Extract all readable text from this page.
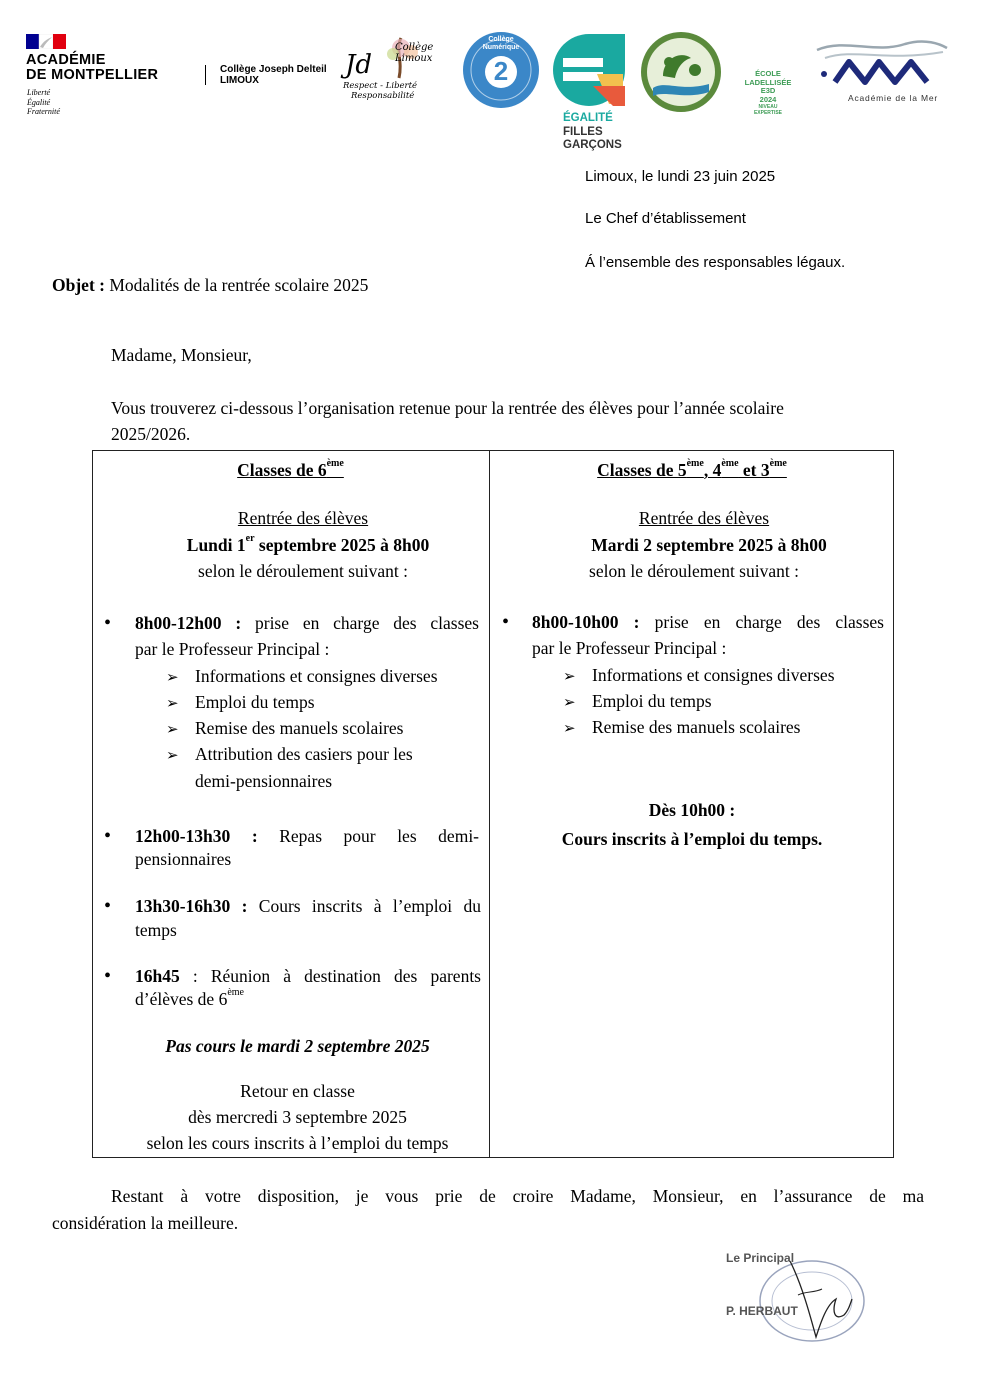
ACADÉMIE
DE MONTPELLIER
Liberté
Égalité
Fraternité
Collège Joseph Delteil
LIMOUX
Jd
Collège Limoux
Respect - Liberté
Responsabilité
2
Collège Numérique
ÉGALITÉ
FILLES
GARÇONS
ÉCOLE
LADELLISÉE
E3D
2024
NIVEAU
EXPERTISE
Académie de la Mer
Limoux, le lundi 23 juin 2025
Le Chef d’établissement
Á l’ensemble des responsables légaux.
Objet : Modalités de la rentrée scolaire 2025
Madame, Monsieur,
Vous trouverez ci-dessous l’organisation retenue pour la rentrée des élèves pour l’année scolaire
2025/2026.
Classes de 6ème
Rentrée des élèves
Lundi 1er septembre 2025 à 8h00
selon le déroulement suivant :
• 8h00-12h00 : prise en charge des classes
par le Professeur Principal :
➢ Informations et consignes diverses
➢ Emploi du temps
➢ Remise des manuels scolaires
➢ Attribution des casiers pour les
demi-pensionnaires
• 12h00-13h30 : Repas pour les demi-
pensionnaires
• 13h30-16h30 : Cours inscrits à l’emploi du
temps
• 16h45 : Réunion à destination des parents
d’élèves de 6ème
Pas cours le mardi 2 septembre 2025
Retour en classe
dès mercredi 3 septembre 2025
selon les cours inscrits à l’emploi du temps
Classes de 5ème, 4ème et 3ème
Rentrée des élèves
Mardi 2 septembre 2025 à 8h00
selon le déroulement suivant :
• 8h00-10h00 : prise en charge des classes
par le Professeur Principal :
➢ Informations et consignes diverses
➢ Emploi du temps
➢ Remise des manuels scolaires
Dès 10h00 :
Cours inscrits à l’emploi du temps.
Restant à votre disposition, je vous prie de croire Madame, Monsieur, en l’assurance de ma
considération la meilleure.
Le Principal
P. HERBAUT
